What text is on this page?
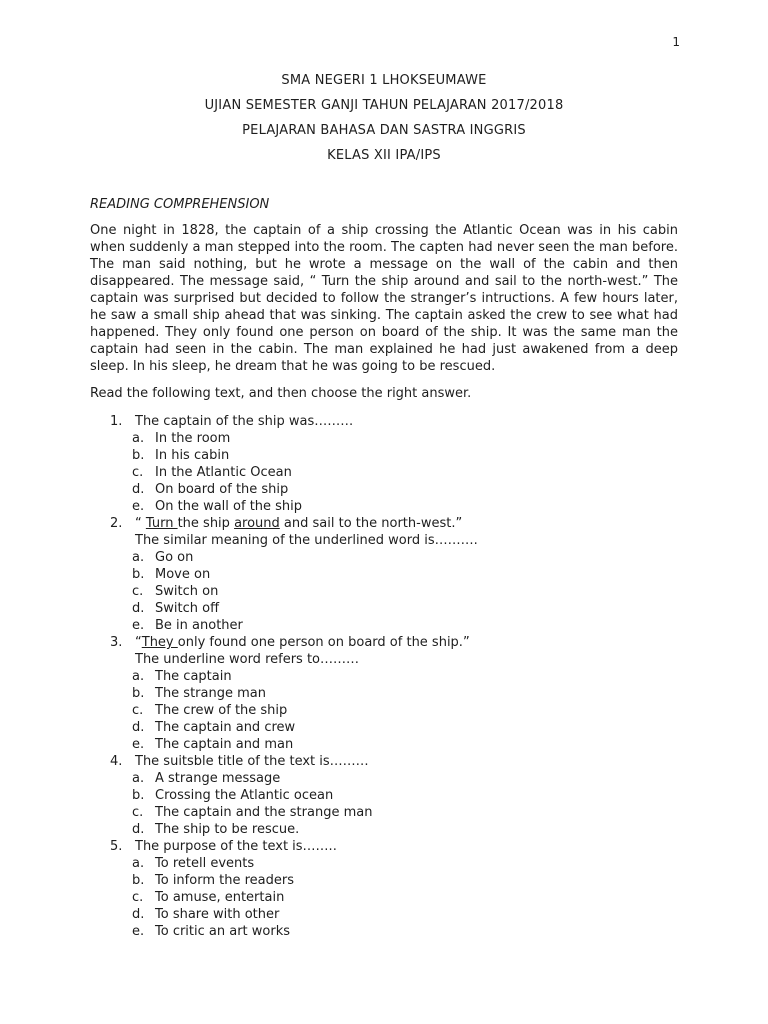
1
SMA NEGERI 1 LHOKSEUMAWE
UJIAN SEMESTER GANJI TAHUN PELAJARAN 2017/2018
PELAJARAN BAHASA DAN SASTRA INGGRIS
KELAS XII IPA/IPS
READING COMPREHENSION
One night in 1828, the captain of a ship crossing the Atlantic Ocean was in his cabin when suddenly a man stepped into the room. The capten had never seen the man before. The man said nothing, but he wrote a message on the wall of the cabin and then disappeared. The message said, “ Turn the ship around and sail to the north-west.” The captain was surprised but decided to follow the stranger’s intructions. A few hours later, he saw a small ship ahead that was sinking. The captain asked the crew to see what had happened. They only found one person on board of the ship. It was the same man the captain had seen in the cabin. The man explained he had just awakened from a deep sleep. In his sleep, he dream that he was going to be rescued.
Read the following text, and then choose the right answer.
1. The captain of the ship was………
a. In the room
b. In his cabin
c. In the Atlantic Ocean
d. On board of the ship
e. On the wall of the ship
2. “ Turn the ship around and sail to the north-west.”
The similar meaning of the underlined word is……….
a. Go on
b. Move on
c. Switch on
d. Switch off
e. Be in another
3. “They only found one person on board of the ship.”
The underline word refers to………
a. The captain
b. The strange man
c. The crew of the ship
d. The captain and crew
e. The captain and man
4. The suitsble title of the text is………
a. A strange message
b. Crossing the Atlantic ocean
c. The captain and the strange man
d. The ship to be rescue.
5. The purpose of the text is……..
a. To retell events
b. To inform the readers
c. To amuse, entertain
d. To share with other
e. To critic an art works
